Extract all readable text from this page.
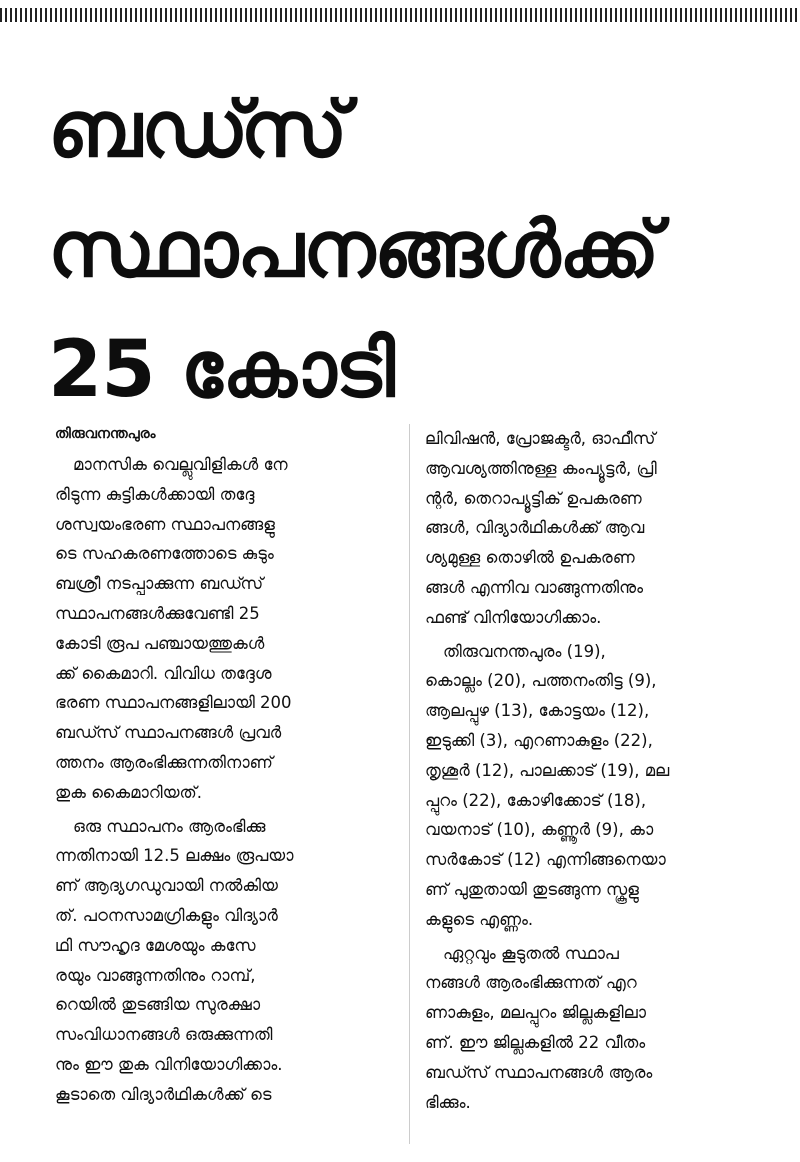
ബഡ്സ്
സ്ഥാപനങ്ങൾക്ക്
25 കോടി
തിരുവനന്തപുരം

മാനസിക വെല്ലുവിളികൾ നേ
രിടുന്ന കുട്ടികൾക്കായി തദ്ദേ
ശസ്വയംഭരണ സ്ഥാപനങ്ങളു
ടെ സഹകരണത്തോടെ കുടും
ബശ്രീ നടപ്പാക്കുന്ന ബഡ്സ്
സ്ഥാപനങ്ങൾക്കുവേണ്ടി 25
കോടി രൂപ പഞ്ചായത്തുകൾ
ക്ക് കൈമാറി. വിവിധ തദ്ദേശ
ഭരണ സ്ഥാപനങ്ങളിലായി 200
ബഡ്സ് സ്ഥാപനങ്ങൾ പ്രവർ
ത്തനം ആരംഭിക്കുന്നതിനാണ്
തുക കൈമാറിയത്.

ഒരു സ്ഥാപനം ആരംഭിക്കു
ന്നതിനായി 12.5 ലക്ഷം രൂപയാ
ണ് ആദ്യഗഡുവായി നൽകിയ
ത്. പഠനസാമഗ്രികളും വിദ്യാർ
ഥി സൗഹൃദ മേശയും കസേ
രയും വാങ്ങുന്നതിനും റാമ്പ്,
റെയിൽ തുടങ്ങിയ സുരക്ഷാ
സംവിധാനങ്ങൾ ഒരുക്കുന്നതി
നും ഈ തുക വിനിയോഗിക്കാം.
കൂടാതെ വിദ്യാർഥികൾക്ക് ടെ

ലിവിഷൻ, പ്രോജക്ടർ, ഓഫീസ്
ആവശ്യത്തിനുള്ള കംപ്യൂട്ടർ, പ്രി
ന്റർ, തെറാപ്യൂട്ടിക് ഉപകരണ
ങ്ങൾ, വിദ്യാർഥികൾക്ക് ആവ
ശ്യമുള്ള തൊഴിൽ ഉപകരണ
ങ്ങൾ എന്നിവ വാങ്ങുന്നതിനും
ഫണ്ട് വിനിയോഗിക്കാം.

തിരുവനന്തപുരം (19),
കൊല്ലം (20), പത്തനംതിട്ട (9),
ആലപ്പുഴ (13), കോട്ടയം (12),
ഇടുക്കി (3), എറണാകുളം (22),
തൃശൂർ (12), പാലക്കാട് (19), മല
പ്പുറം (22), കോഴിക്കോട് (18),
വയനാട് (10), കണ്ണൂർ (9), കാ
സർകോട് (12) എന്നിങ്ങനെയാ
ണ് പുതുതായി തുടങ്ങുന്ന സ്കൂളു
കളുടെ എണ്ണം.

ഏറ്റവും കൂടുതൽ സ്ഥാപ
നങ്ങൾ ആരംഭിക്കുന്നത് എറ
ണാകുളം, മലപ്പുറം ജില്ലകളിലാ
ണ്. ഈ ജില്ലകളിൽ 22 വീതം
ബഡ്സ് സ്ഥാപനങ്ങൾ ആരം
ഭിക്കും.
